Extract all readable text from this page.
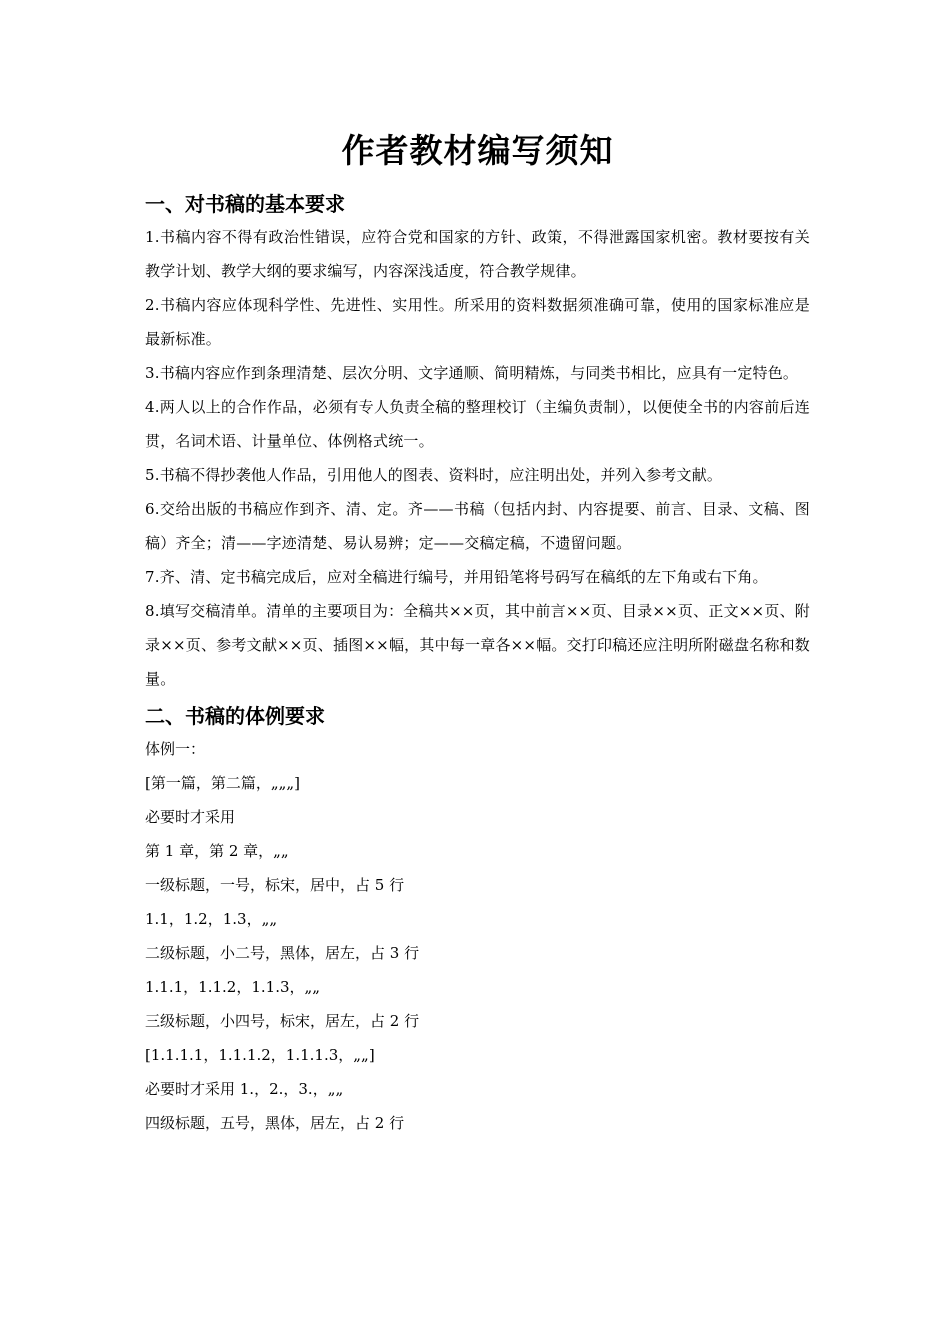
作者教材编写须知
一、对书稿的基本要求

1.书稿内容不得有政治性错误，应符合党和国家的方针、政策，不得泄露国家机密。教材要按有关教学计划、教学大纲的要求编写，内容深浅适度，符合教学规律。

2.书稿内容应体现科学性、先进性、实用性。所采用的资料数据须准确可靠，使用的国家标准应是最新标准。

3.书稿内容应作到条理清楚、层次分明、文字通顺、简明精炼，与同类书相比，应具有一定特色。

4.两人以上的合作作品，必须有专人负责全稿的整理校订（主编负责制），以便使全书的内容前后连贯，名词术语、计量单位、体例格式统一。

5.书稿不得抄袭他人作品，引用他人的图表、资料时，应注明出处，并列入参考文献。

6.交给出版的书稿应作到齐、清、定。齐——书稿（包括内封、内容提要、前言、目录、文稿、图稿）齐全；清——字迹清楚、易认易辨；定——交稿定稿，不遗留问题。

7.齐、清、定书稿完成后，应对全稿进行编号，并用铅笔将号码写在稿纸的左下角或右下角。

8.填写交稿清单。清单的主要项目为：全稿共××页，其中前言××页、目录××页、正文××页、附录××页、参考文献××页、插图××幅，其中每一章各××幅。交打印稿还应注明所附磁盘名称和数量。

二、书稿的体例要求

体例一：

[第一篇，第二篇，„„„]

必要时才采用

第 1 章，第 2 章，„„

一级标题，一号，标宋，居中，占 5 行

1.1，1.2，1.3，„„

二级标题，小二号，黑体，居左，占 3 行

1.1.1，1.1.2，1.1.3，„„

三级标题，小四号，标宋，居左，占 2 行

[1.1.1.1，1.1.1.2，1.1.1.3，„„]

必要时才采用 1.，2.，3.，„„

四级标题，五号，黑体，居左，占 2 行
